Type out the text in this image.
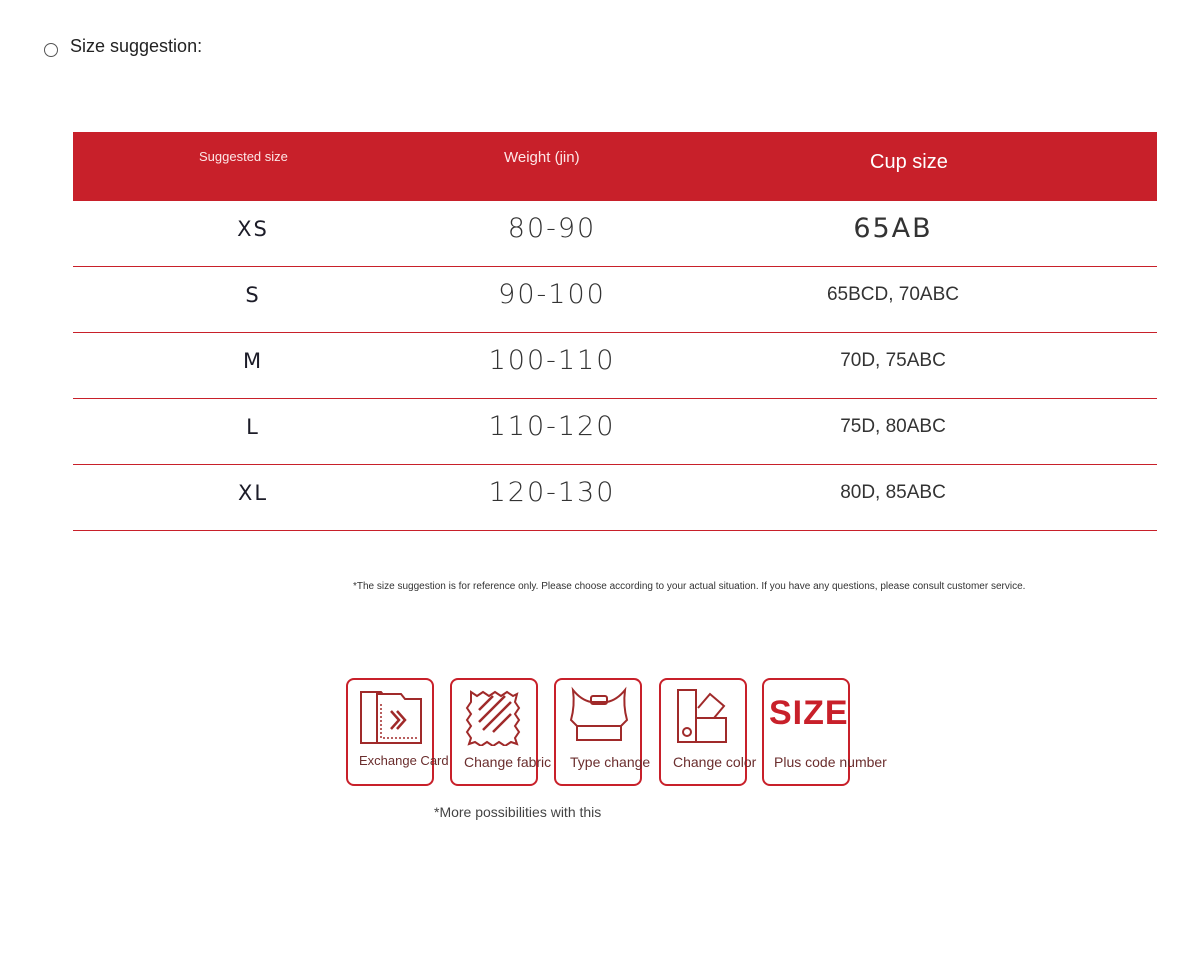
Size suggestion:
Suggested size	Weight (jin)	Cup size
XS	80-90	65AB
S	90-100	65BCD, 70ABC
M	100-110	70D, 75ABC
L	110-120	75D, 80ABC
XL	120-130	80D, 85ABC
*The size suggestion is for reference only. Please choose according to your actual situation. If you have any questions, please consult customer service.
Exchange Card	Change fabric	Type change	Change color
SIZE
Plus code number
*More possibilities with this
